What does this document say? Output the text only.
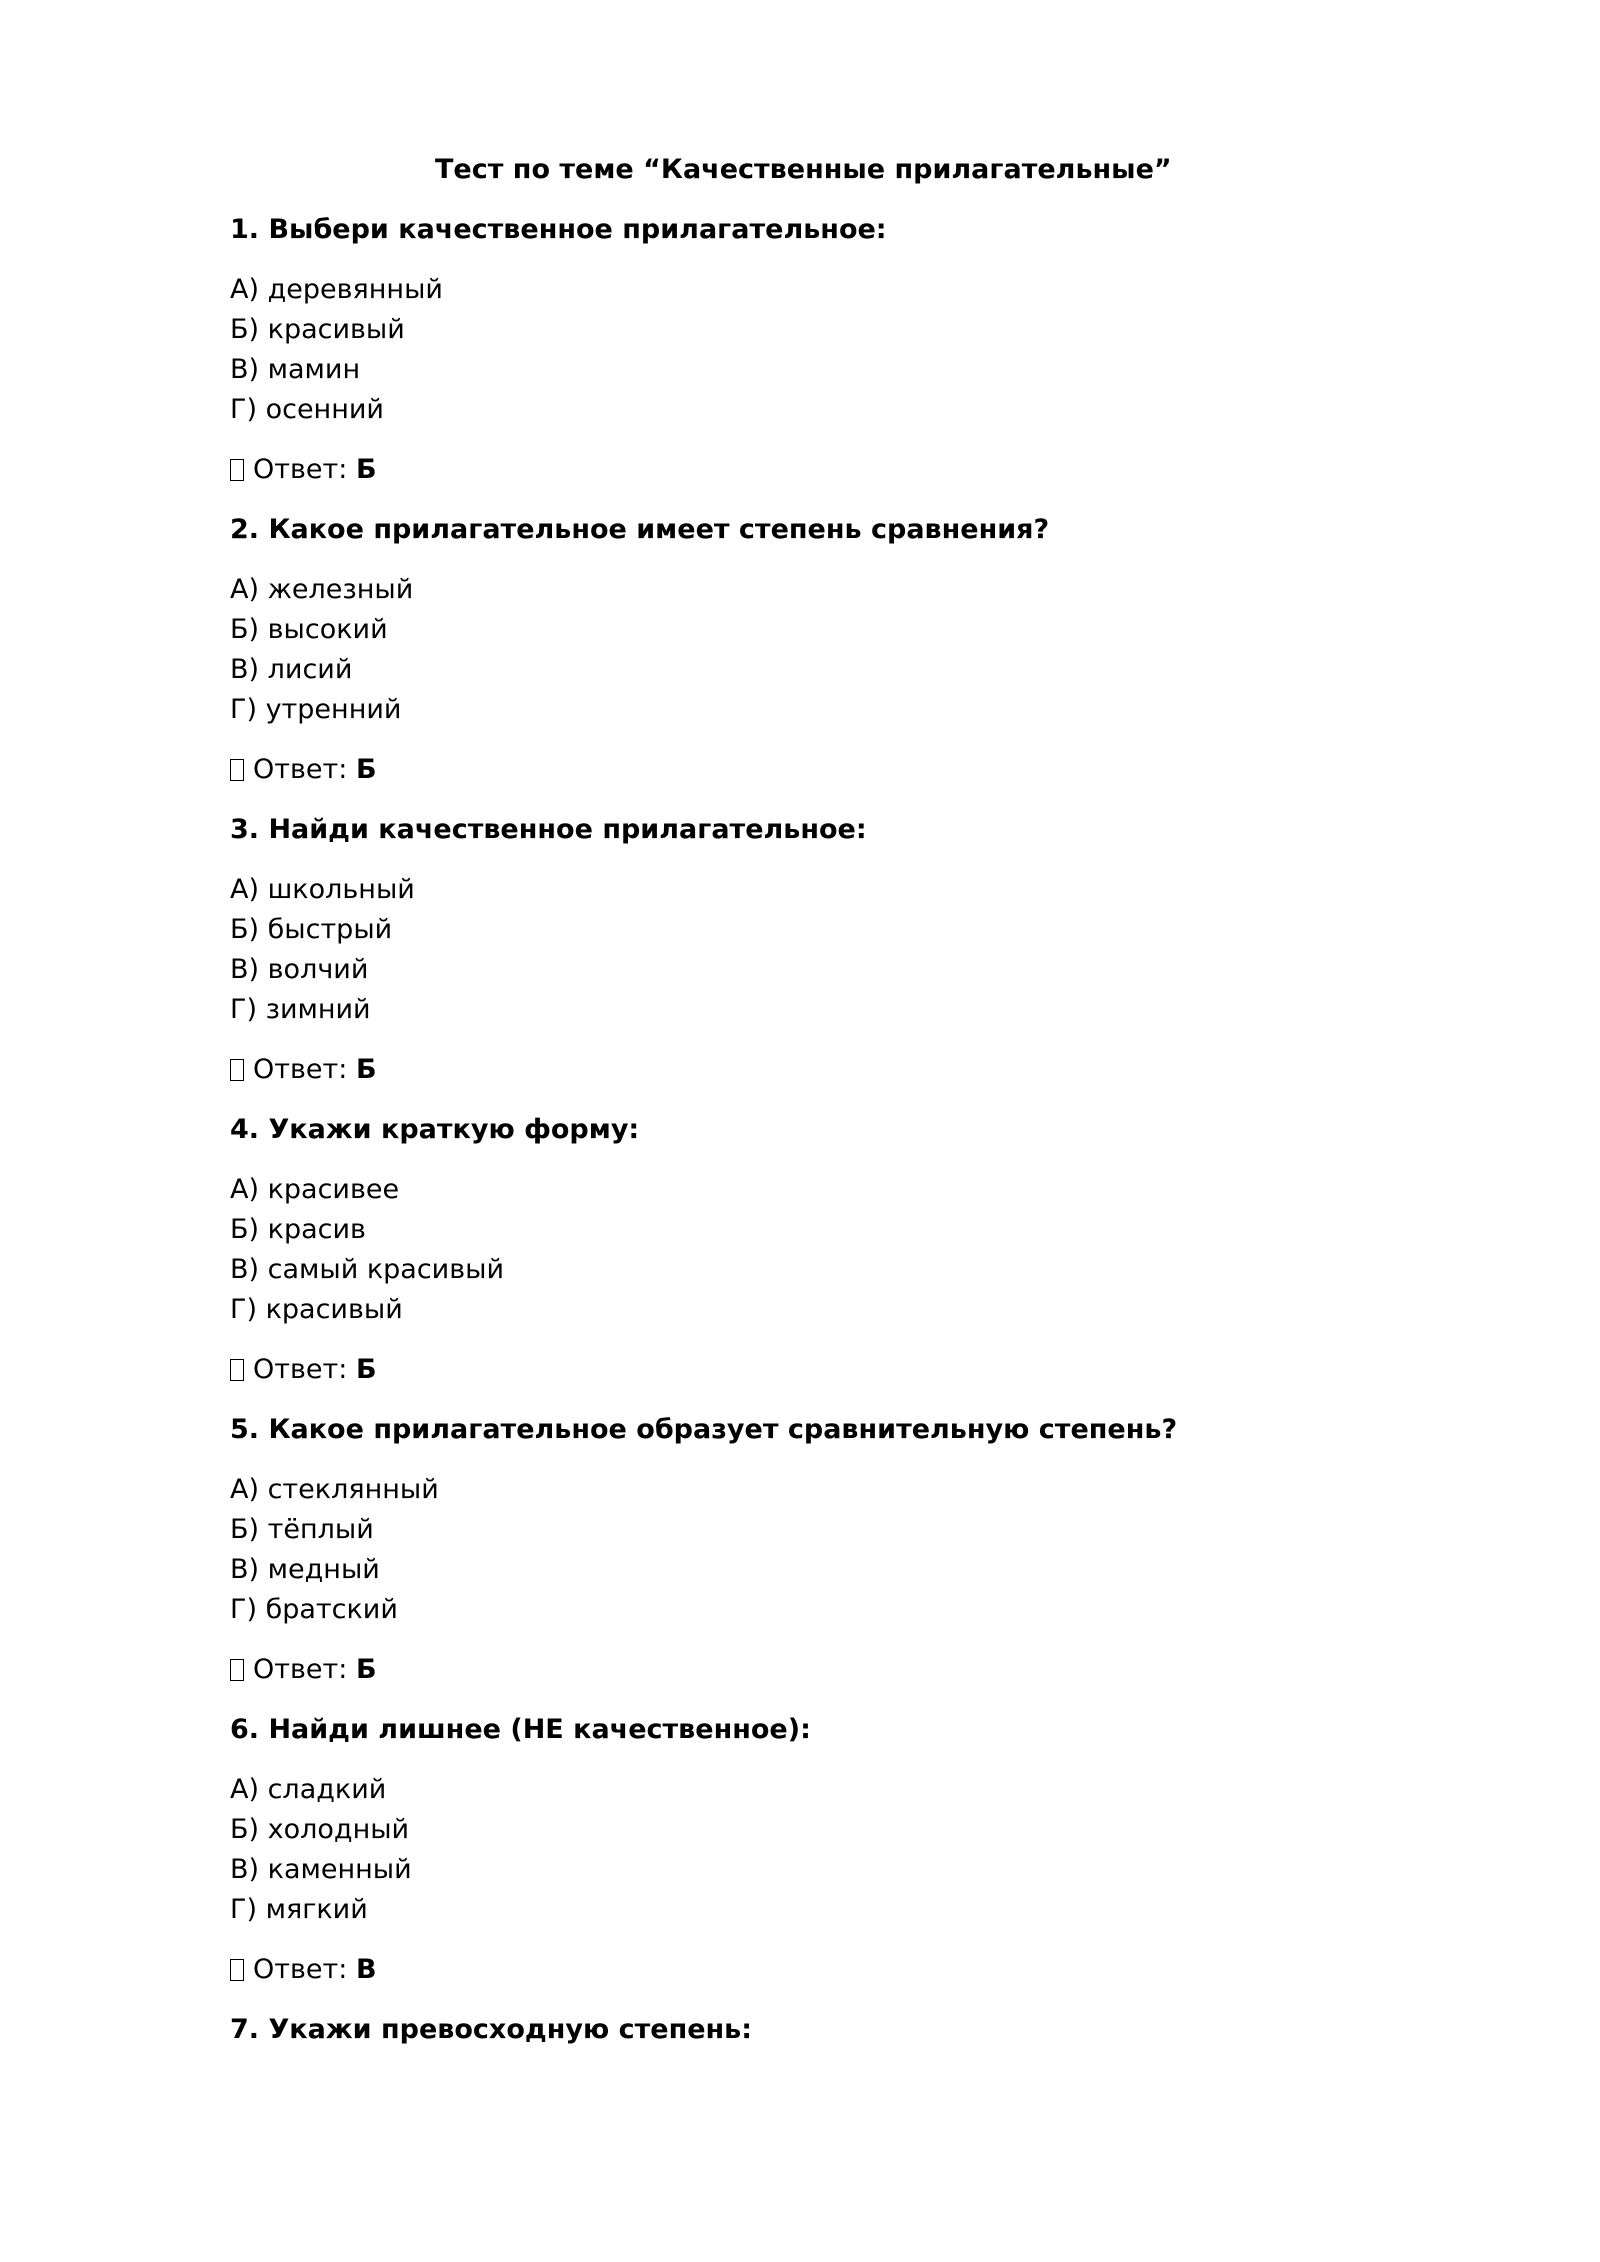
Тест по теме “Качественные прилагательные”
1. Выбери качественное прилагательное:
А) деревянный
Б) красивый
В) мамин
Г) осенний
Ответ: Б
2. Какое прилагательное имеет степень сравнения?
А) железный
Б) высокий
В) лисий
Г) утренний
Ответ: Б
3. Найди качественное прилагательное:
А) школьный
Б) быстрый
В) волчий
Г) зимний
Ответ: Б
4. Укажи краткую форму:
А) красивее
Б) красив
В) самый красивый
Г) красивый
Ответ: Б
5. Какое прилагательное образует сравнительную степень?
А) стеклянный
Б) тёплый
В) медный
Г) братский
Ответ: Б
6. Найди лишнее (НЕ качественное):
А) сладкий
Б) холодный
В) каменный
Г) мягкий
Ответ: В
7. Укажи превосходную степень:
